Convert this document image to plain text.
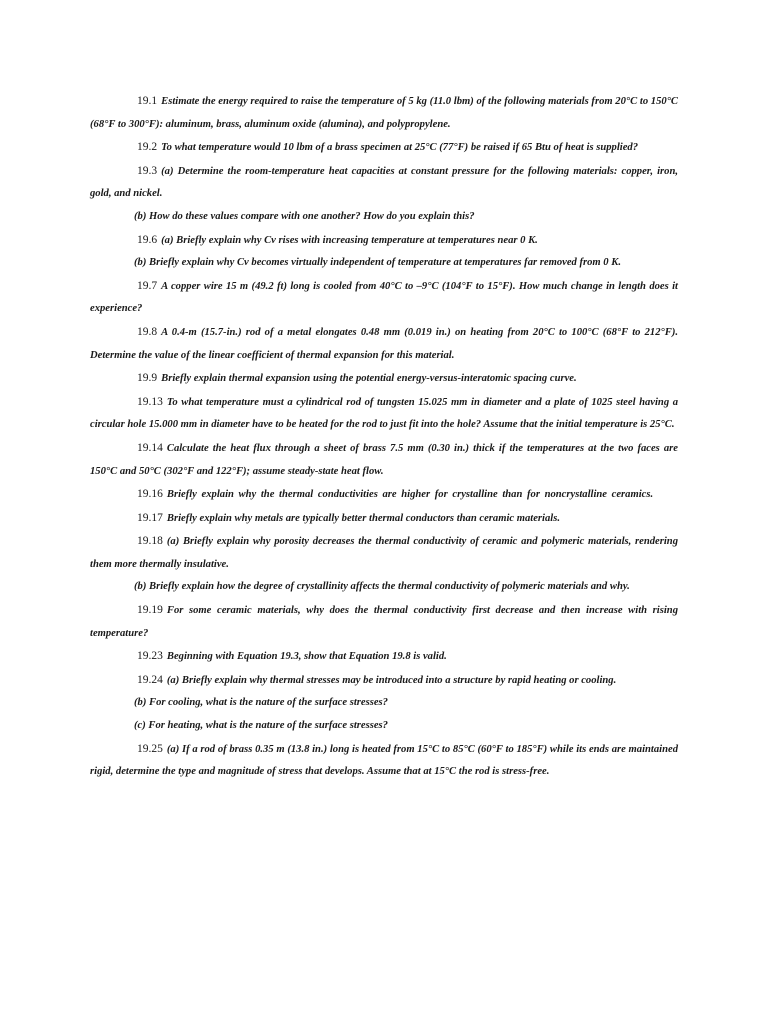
19.1 Estimate the energy required to raise the temperature of 5 kg (11.0 lbm) of the following materials from 20°C to 150°C (68°F to 300°F): aluminum, brass, aluminum oxide (alumina), and polypropylene.

19.2 To what temperature would 10 lbm of a brass specimen at 25°C (77°F) be raised if 65 Btu of heat is supplied?

19.3 (a) Determine the room-temperature heat capacities at constant pressure for the following materials: copper, iron, gold, and nickel.

(b) How do these values compare with one another? How do you explain this?

19.6 (a) Briefly explain why Cv rises with increasing temperature at temperatures near 0 K.

(b) Briefly explain why Cv becomes virtually independent of temperature at temperatures far removed from 0 K.

19.7 A copper wire 15 m (49.2 ft) long is cooled from 40°C to –9°C (104°F to 15°F). How much change in length does it experience?

19.8 A 0.4-m (15.7-in.) rod of a metal elongates 0.48 mm (0.019 in.) on heating from 20°C to 100°C (68°F to 212°F). Determine the value of the linear coefficient of thermal expansion for this material.

19.9 Briefly explain thermal expansion using the potential energy-versus-interatomic spacing curve.

19.13 To what temperature must a cylindrical rod of tungsten 15.025 mm in diameter and a plate of 1025 steel having a circular hole 15.000 mm in diameter have to be heated for the rod to just fit into the hole? Assume that the initial temperature is 25°C.

19.14 Calculate the heat flux through a sheet of brass 7.5 mm (0.30 in.) thick if the temperatures at the two faces are 150°C and 50°C (302°F and 122°F); assume steady-state heat flow.

19.16 Briefly explain why the thermal conductivities are higher for crystalline than for noncrystalline ceramics.

19.17 Briefly explain why metals are typically better thermal conductors than ceramic materials.

19.18 (a) Briefly explain why porosity decreases the thermal conductivity of ceramic and polymeric materials, rendering them more thermally insulative.

(b) Briefly explain how the degree of crystallinity affects the thermal conductivity of polymeric materials and why.

19.19 For some ceramic materials, why does the thermal conductivity first decrease and then increase with rising temperature?

19.23 Beginning with Equation 19.3, show that Equation 19.8 is valid.

19.24 (a) Briefly explain why thermal stresses may be introduced into a structure by rapid heating or cooling.

(b) For cooling, what is the nature of the surface stresses?

(c) For heating, what is the nature of the surface stresses?

19.25 (a) If a rod of brass 0.35 m (13.8 in.) long is heated from 15°C to 85°C (60°F to 185°F) while its ends are maintained rigid, determine the type and magnitude of stress that develops. Assume that at 15°C the rod is stress-free.
